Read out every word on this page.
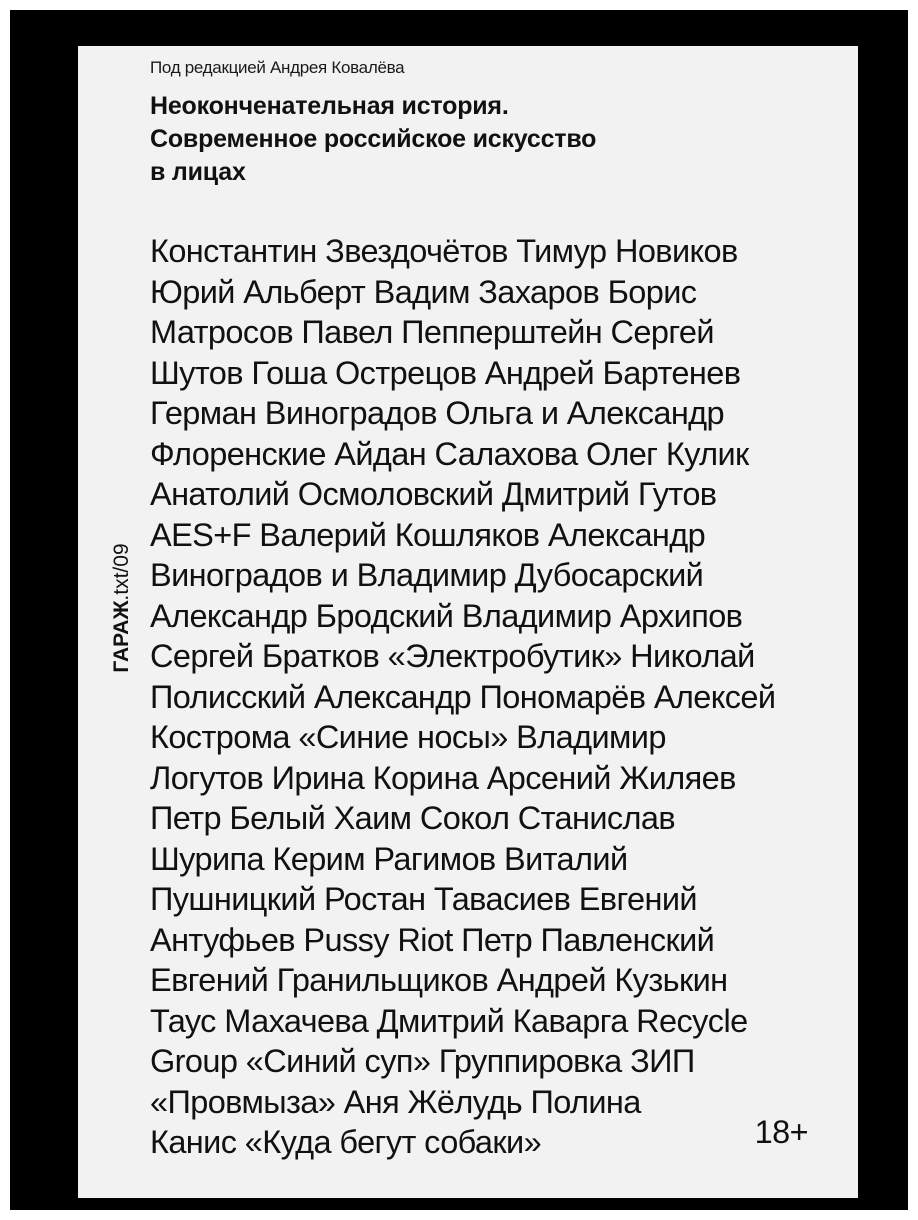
Под редакцией Андрея Ковалёва
Неоконченательная история.
Современное российское искусство
в лицах
ГАРАЖ.txt/09
Константин Звездочётов Тимур Новиков
Юрий Альберт Вадим Захаров Борис
Матросов Павел Пепперштейн Сергей
Шутов Гоша Острецов Андрей Бартенев
Герман Виноградов Ольга и Александр
Флоренские Айдан Салахова Олег Кулик
Анатолий Осмоловский Дмитрий Гутов
AES+F Валерий Кошляков Александр
Виноградов и Владимир Дубосарский
Александр Бродский Владимир Архипов
Сергей Братков «Электробутик» Николай
Полисский Александр Пономарёв Алексей
Кострома «Синие носы» Владимир
Логутов Ирина Корина Арсений Жиляев
Петр Белый Хаим Сокол Станислав
Шурипа Керим Рагимов Виталий
Пушницкий Ростан Тавасиев Евгений
Антуфьев Pussy Riot Петр Павленский
Евгений Гранильщиков Андрей Кузькин
Таус Махачева Дмитрий Каварга Recycle
Group «Синий суп» Группировка ЗИП
«Провмыза» Аня Жёлудь Полина
Канис «Куда бегут собаки»	18+
